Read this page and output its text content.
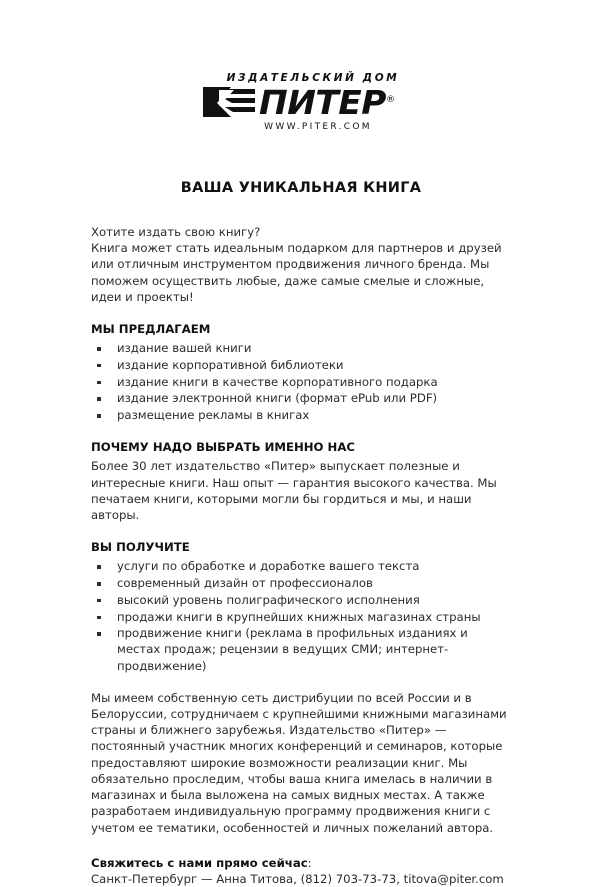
ИЗДАТЕЛЬСКИЙ ДОМ
ПИТЕР®
WWW.PITER.COM
ВАША УНИКАЛЬНАЯ КНИГА

Хотите издать свою книгу?
Книга может стать идеальным подарком для партнеров и друзей или отличным инструментом продвижения личного бренда. Мы поможем осуществить любые, даже самые смелые и сложные, идеи и проекты!

МЫ ПРЕДЛАГАЕМ
издание вашей книги
издание корпоративной библиотеки
издание книги в качестве корпоративного подарка
издание электронной книги (формат ePub или PDF)
размещение рекламы в книгах
ПОЧЕМУ НАДО ВЫБРАТЬ ИМЕННО НАС

Более 30 лет издательство «Питер» выпускает полезные и интересные книги. Наш опыт — гарантия высокого качества. Мы печатаем книги, которыми могли бы гордиться и мы, и наши авторы.

ВЫ ПОЛУЧИТЕ
услуги по обработке и доработке вашего текста
современный дизайн от профессионалов
высокий уровень полиграфического исполнения
продажи книги в крупнейших книжных магазинах страны
продвижение книги (реклама в профильных изданиях и местах продаж; рецензии в ведущих СМИ; интернет-продвижение)

Мы имеем собственную сеть дистрибуции по всей России и в Белоруссии, сотрудничаем с крупнейшими книжными магазинами страны и ближнего зарубежья. Издательство «Питер» — постоянный участник многих конференций и семинаров, которые предоставляют широкие возможности реализации книг. Мы обязательно проследим, чтобы ваша книга имелась в наличии в магазинах и была выложена на самых видных местах. А также разработаем индивидуальную программу продвижения книги с учетом ее тематики, особенностей и личных пожеланий автора.

Свяжитесь с нами прямо сейчас:
Санкт-Петербург — Анна Титова, (812) 703-73-73, titova@piter.com
